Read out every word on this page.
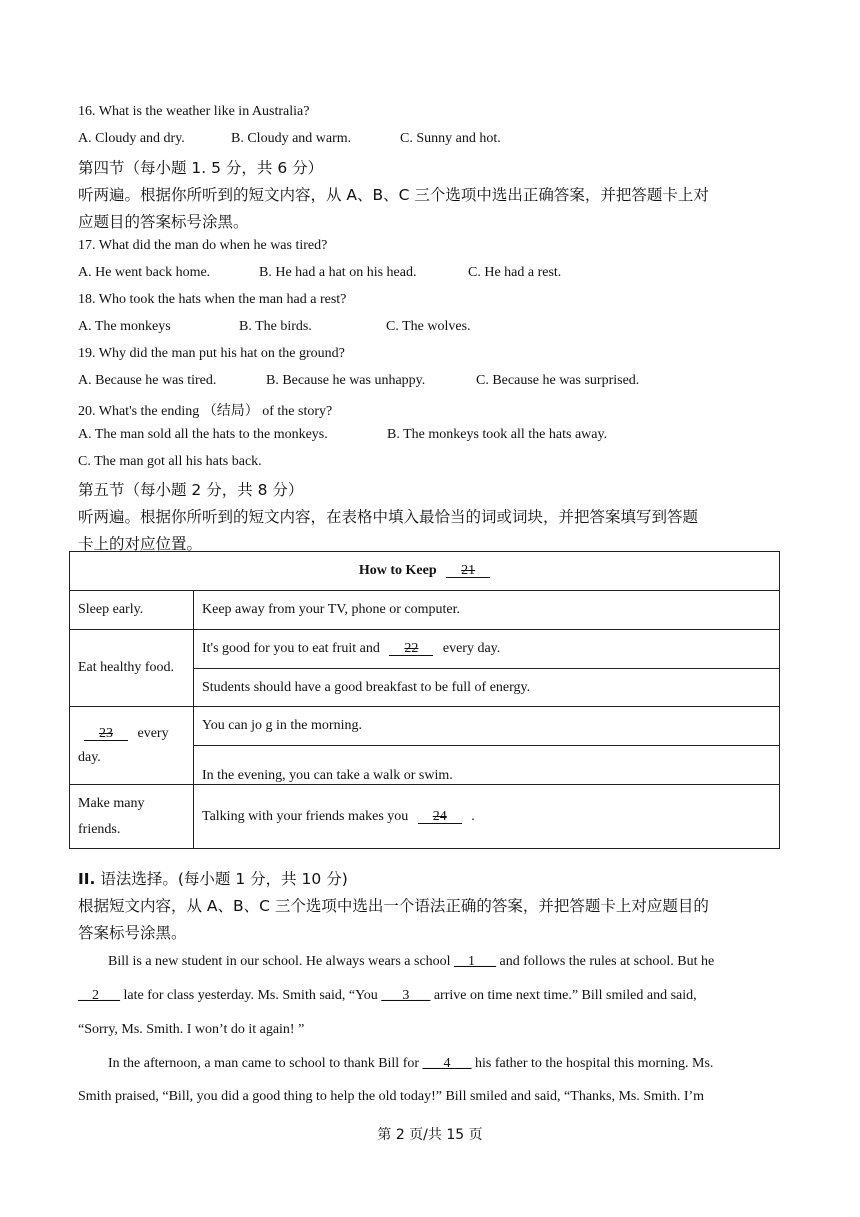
16. What is the weather like in Australia?
A. Cloudy and dry.	B. Cloudy and warm.	C. Sunny and hot.
第四节（每小题 1. 5 分，共 6 分）
听两遍。根据你所听到的短文内容，从 A、B、C 三个选项中选出正确答案，并把答题卡上对
应题目的答案标号涂黑。
17. What did the man do when he was tired?
A. He went back home.	B. He had a hat on his head.	C. He had a rest.
18. Who took the hats when the man had a rest?
A. The monkeys	B. The birds.	C. The wolves.
19. Why did the man put his hat on the ground?
A. Because he was tired.	B. Because he was unhappy.	C. Because he was surprised.
20. What's the ending （结局） of the story?
A. The man sold all the hats to the monkeys.	B. The monkeys took all the hats away.
C. The man got all his hats back.
第五节（每小题 2 分，共 8 分）
听两遍。根据你所听到的短文内容，在表格中填入最恰当的词或词块，并把答案填写到答题
卡上的对应位置。
How to Keep 21	
Sleep early.	Keep away from your TV, phone or computer.
Eat healthy food.	It's good for you to eat fruit and 22 every day.
	Students should have a good breakfast to be full of energy.
23 every
day.	You can jo g in the morning.
	In the evening, you can take a walk or swim.
Make many
friends.	Talking with your friends makes you 24 .
II. 语法选择。(每小题 1 分，共 10 分)
根据短文内容，从 A、B、C 三个选项中选出一个语法正确的答案，并把答题卡上对应题目的
答案标号涂黑。
Bill is a new student in our school. He always wears a school __1___ and follows the rules at school. But he
__2___ late for class yesterday. Ms. Smith said, “You ___3___ arrive on time next time.” Bill smiled and said,
“Sorry, Ms. Smith. I won’t do it again! ”
In the afternoon, a man came to school to thank Bill for ___4___ his father to the hospital this morning. Ms.
Smith praised, “Bill, you did a good thing to help the old today!” Bill smiled and said, “Thanks, Ms. Smith. I’m
第 2 页/共 15 页
